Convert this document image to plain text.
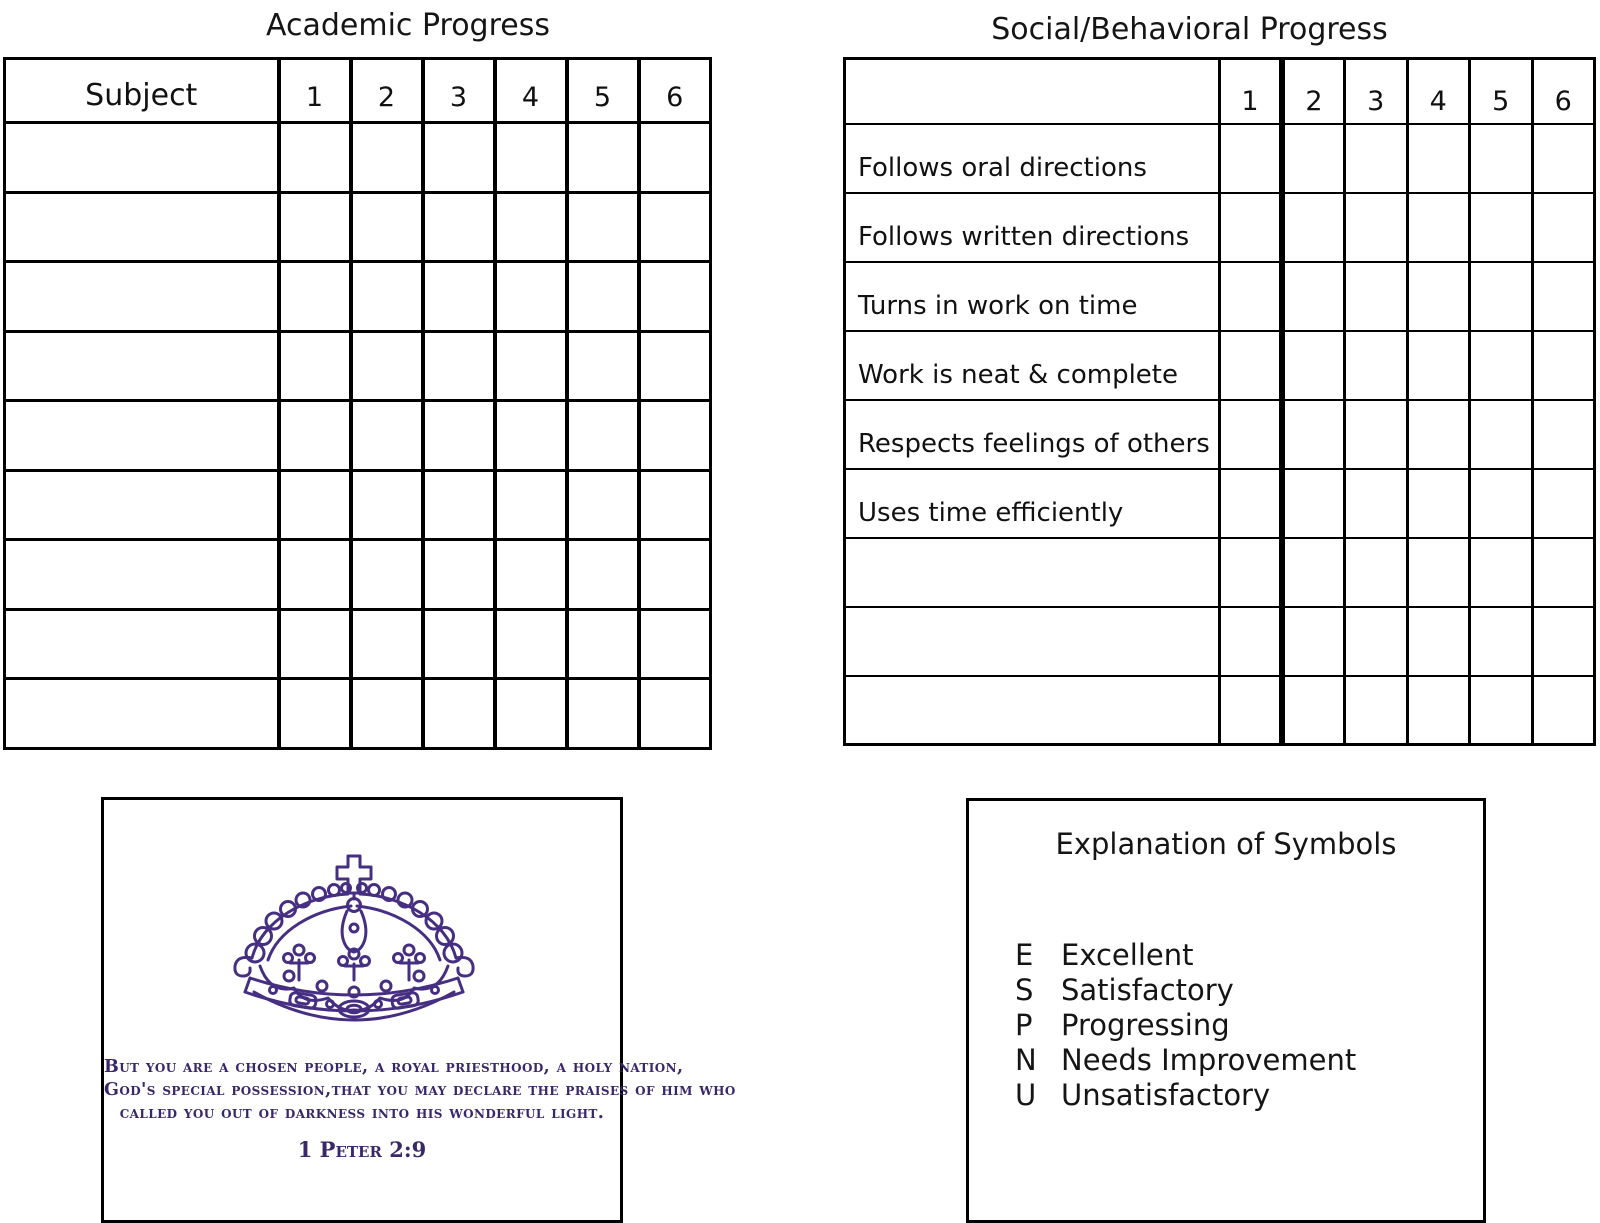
Academic Progress
Subject	1	2	3	4	5	6

Social/Behavioral Progress
	1	2	3	4	5	6
Follows oral directions						
Follows written directions						
Turns in work on time						
Work is neat & complete						
Respects feelings of others						
Uses time efficiently						

But you are a chosen people, a royal priesthood, a holy nation,
God's special possession,that you may declare the praises of him who
called you out of darkness into his wonderful light.
1 Peter 2:9
Explanation of Symbols
E Excellent
S Satisfactory
P Progressing
N Needs Improvement
U Unsatisfactory
